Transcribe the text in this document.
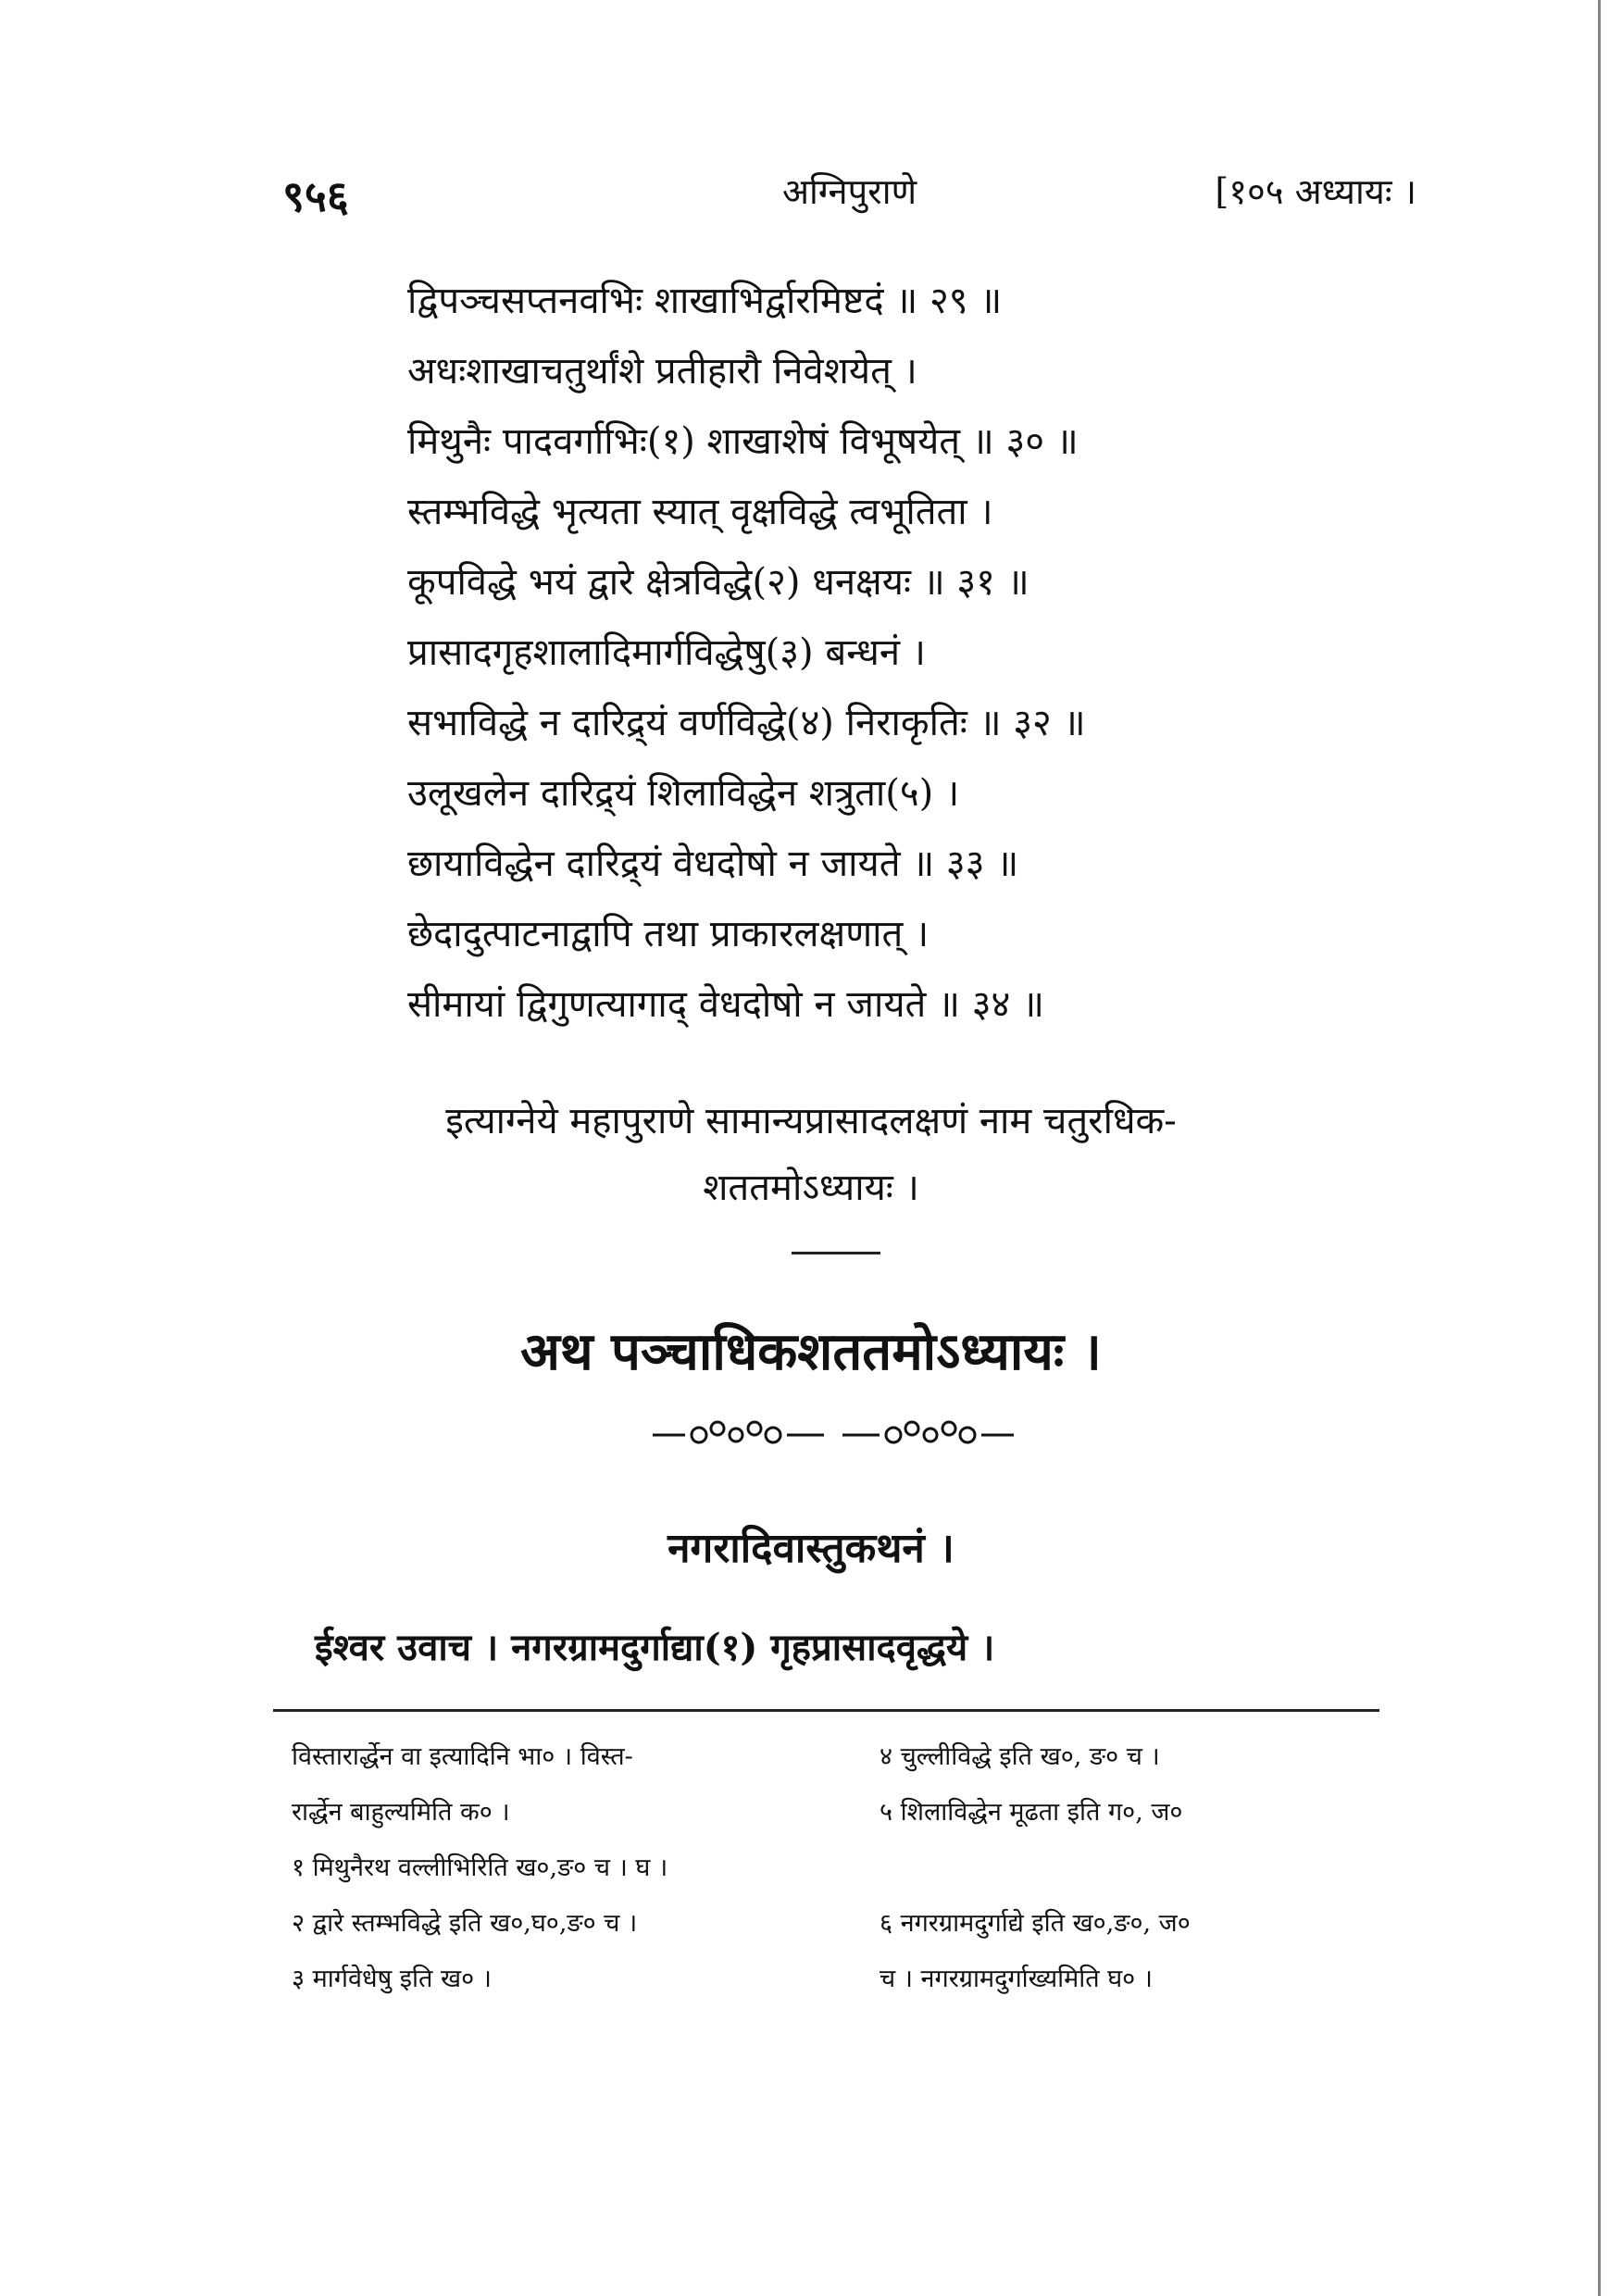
९५६	अग्निपुराणे	[१०५ अध्यायः ।
द्विपञ्चसप्तनवभिः शाखाभिर्द्वारमिष्टदं ॥ २९ ॥
अधःशाखाचतुर्थांशे प्रतीहारौ निवेशयेत् ।
मिथुनैः पादवर्गाभिः(१) शाखाशेषं विभूषयेत् ॥ ३० ॥
स्तम्भविद्धे भृत्यता स्यात् वृक्षविद्धे त्वभूतिता ।
कूपविद्धे भयं द्वारे क्षेत्रविद्धे(२) धनक्षयः ॥ ३१ ॥
प्रासादगृहशालादिमार्गविद्धेषु(३) बन्धनं ।
सभाविद्धे न दारिद्र्यं वर्णविद्धे(४) निराकृतिः ॥ ३२ ॥
उलूखलेन दारिद्र्यं शिलाविद्धेन शत्रुता(५) ।
छायाविद्धेन दारिद्र्यं वेधदोषो न जायते ॥ ३३ ॥
छेदादुत्पाटनाद्वापि तथा प्राकारलक्षणात् ।
सीमायां द्विगुणत्यागाद् वेधदोषो न जायते ॥ ३४ ॥
इत्याग्नेये महापुराणे सामान्यप्रासादलक्षणं नाम चतुरधिक-
शततमोऽध्यायः ।
अथ पञ्चाधिकशततमोऽध्यायः ।
नगरादिवास्तुकथनं ।
ईश्वर उवाच । नगरग्रामदुर्गाद्या(१) गृहप्रासादवृद्धये ।
विस्तारार्द्धेन वा इत्यादिनि भा० । विस्त-
रार्द्धेन बाहुल्यमिति क० ।
१ मिथुनैरथ वल्लीभिरिति ख०,ङ० च । घ ।
२ द्वारे स्तम्भविद्धे इति ख०,घ०,ङ० च ।
३ मार्गवेधेषु इति ख० ।
४ चुल्लीविद्धे इति ख०, ङ० च ।
५ शिलाविद्धेन मूढता इति ग०, ज०
६ नगरग्रामदुर्गाद्ये इति ख०,ङ०, ज०
च । नगरग्रामदुर्गाख्यमिति घ० ।
